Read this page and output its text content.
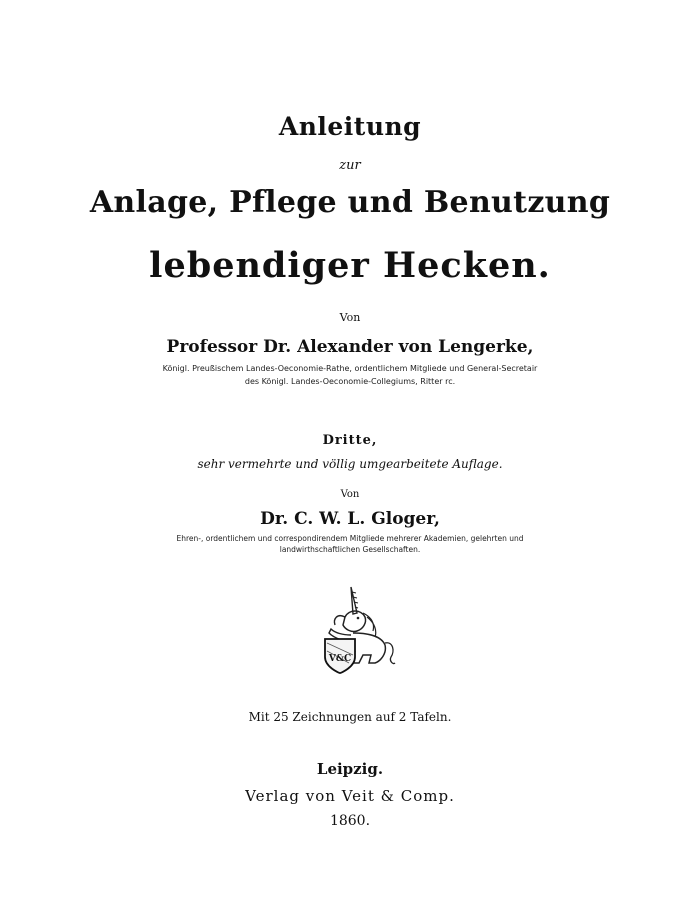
Anleitung
zur
Anlage, Pflege und Benutzung
lebendiger Hecken.
Von
Professor Dr. Alexander von Lengerke,
Königl. Preußischem Landes-Oeconomie-Rathe, ordentlichem Mitgliede und General-Secretair
des Königl. Landes-Oeconomie-Collegiums, Ritter rc.
Dritte,
sehr vermehrte und völlig umgearbeitete Auflage.
Von
Dr. C. W. L. Gloger,
Ehren-, ordentlichem und correspondirendem Mitgliede mehrerer Akademien, gelehrten und
landwirthschaftlichen Gesellschaften.
V&C
Mit 25 Zeichnungen auf 2 Tafeln.
Leipzig.
Verlag von Veit & Comp.
1860.
